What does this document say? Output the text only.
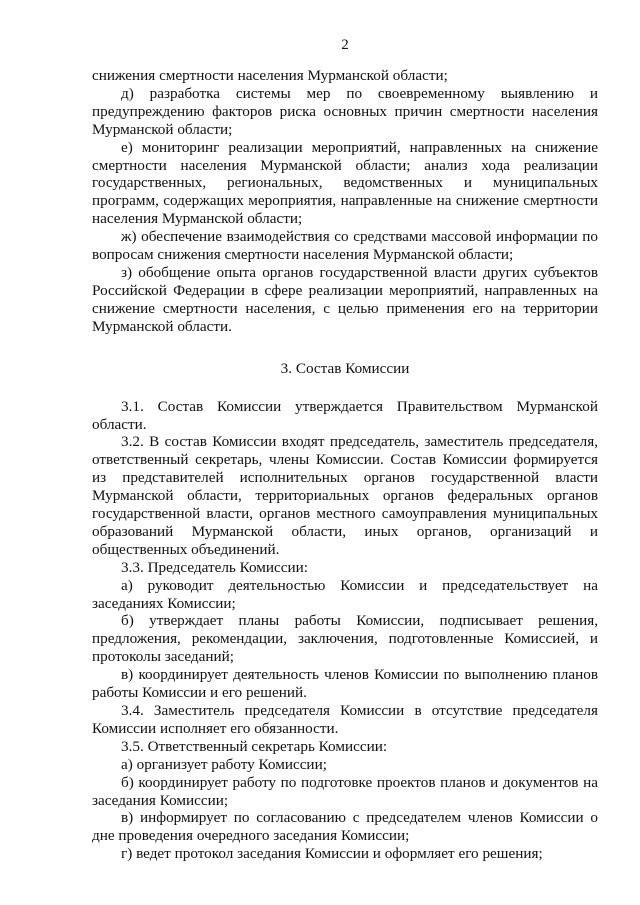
2

снижения смертности населения Мурманской области;

д) разработка системы мер по своевременному выявлению и предупреждению факторов риска основных причин смертности населения Мурманской области;

е) мониторинг реализации мероприятий, направленных на снижение смертности населения Мурманской области; анализ хода реализации государственных, региональных, ведомственных и муниципальных программ, содержащих мероприятия, направленные на снижение смертности населения Мурманской области;

ж) обеспечение взаимодействия со средствами массовой информации по вопросам снижения смертности населения Мурманской области;

з) обобщение опыта органов государственной власти других субъектов Российской Федерации в сфере реализации мероприятий, направленных на снижение смертности населения, с целью применения его на территории Мурманской области.

3. Состав Комиссии

3.1. Состав Комиссии утверждается Правительством Мурманской области.

3.2. В состав Комиссии входят председатель, заместитель председателя, ответственный секретарь, члены Комиссии. Состав Комиссии формируется из представителей исполнительных органов государственной власти Мурманской области, территориальных органов федеральных органов государственной власти, органов местного самоуправления муниципальных образований Мурманской области, иных органов, организаций и общественных объединений.

3.3. Председатель Комиссии:

а) руководит деятельностью Комиссии и председательствует на заседаниях Комиссии;

б) утверждает планы работы Комиссии, подписывает решения, предложения, рекомендации, заключения, подготовленные Комиссией, и протоколы заседаний;

в) координирует деятельность членов Комиссии по выполнению планов работы Комиссии и его решений.

3.4. Заместитель председателя Комиссии в отсутствие председателя Комиссии исполняет его обязанности.

3.5. Ответственный секретарь Комиссии:

а) организует работу Комиссии;

б) координирует работу по подготовке проектов планов и документов на заседания Комиссии;

в) информирует по согласованию с председателем членов Комиссии о дне проведения очередного заседания Комиссии;

г) ведет протокол заседания Комиссии и оформляет его решения;
